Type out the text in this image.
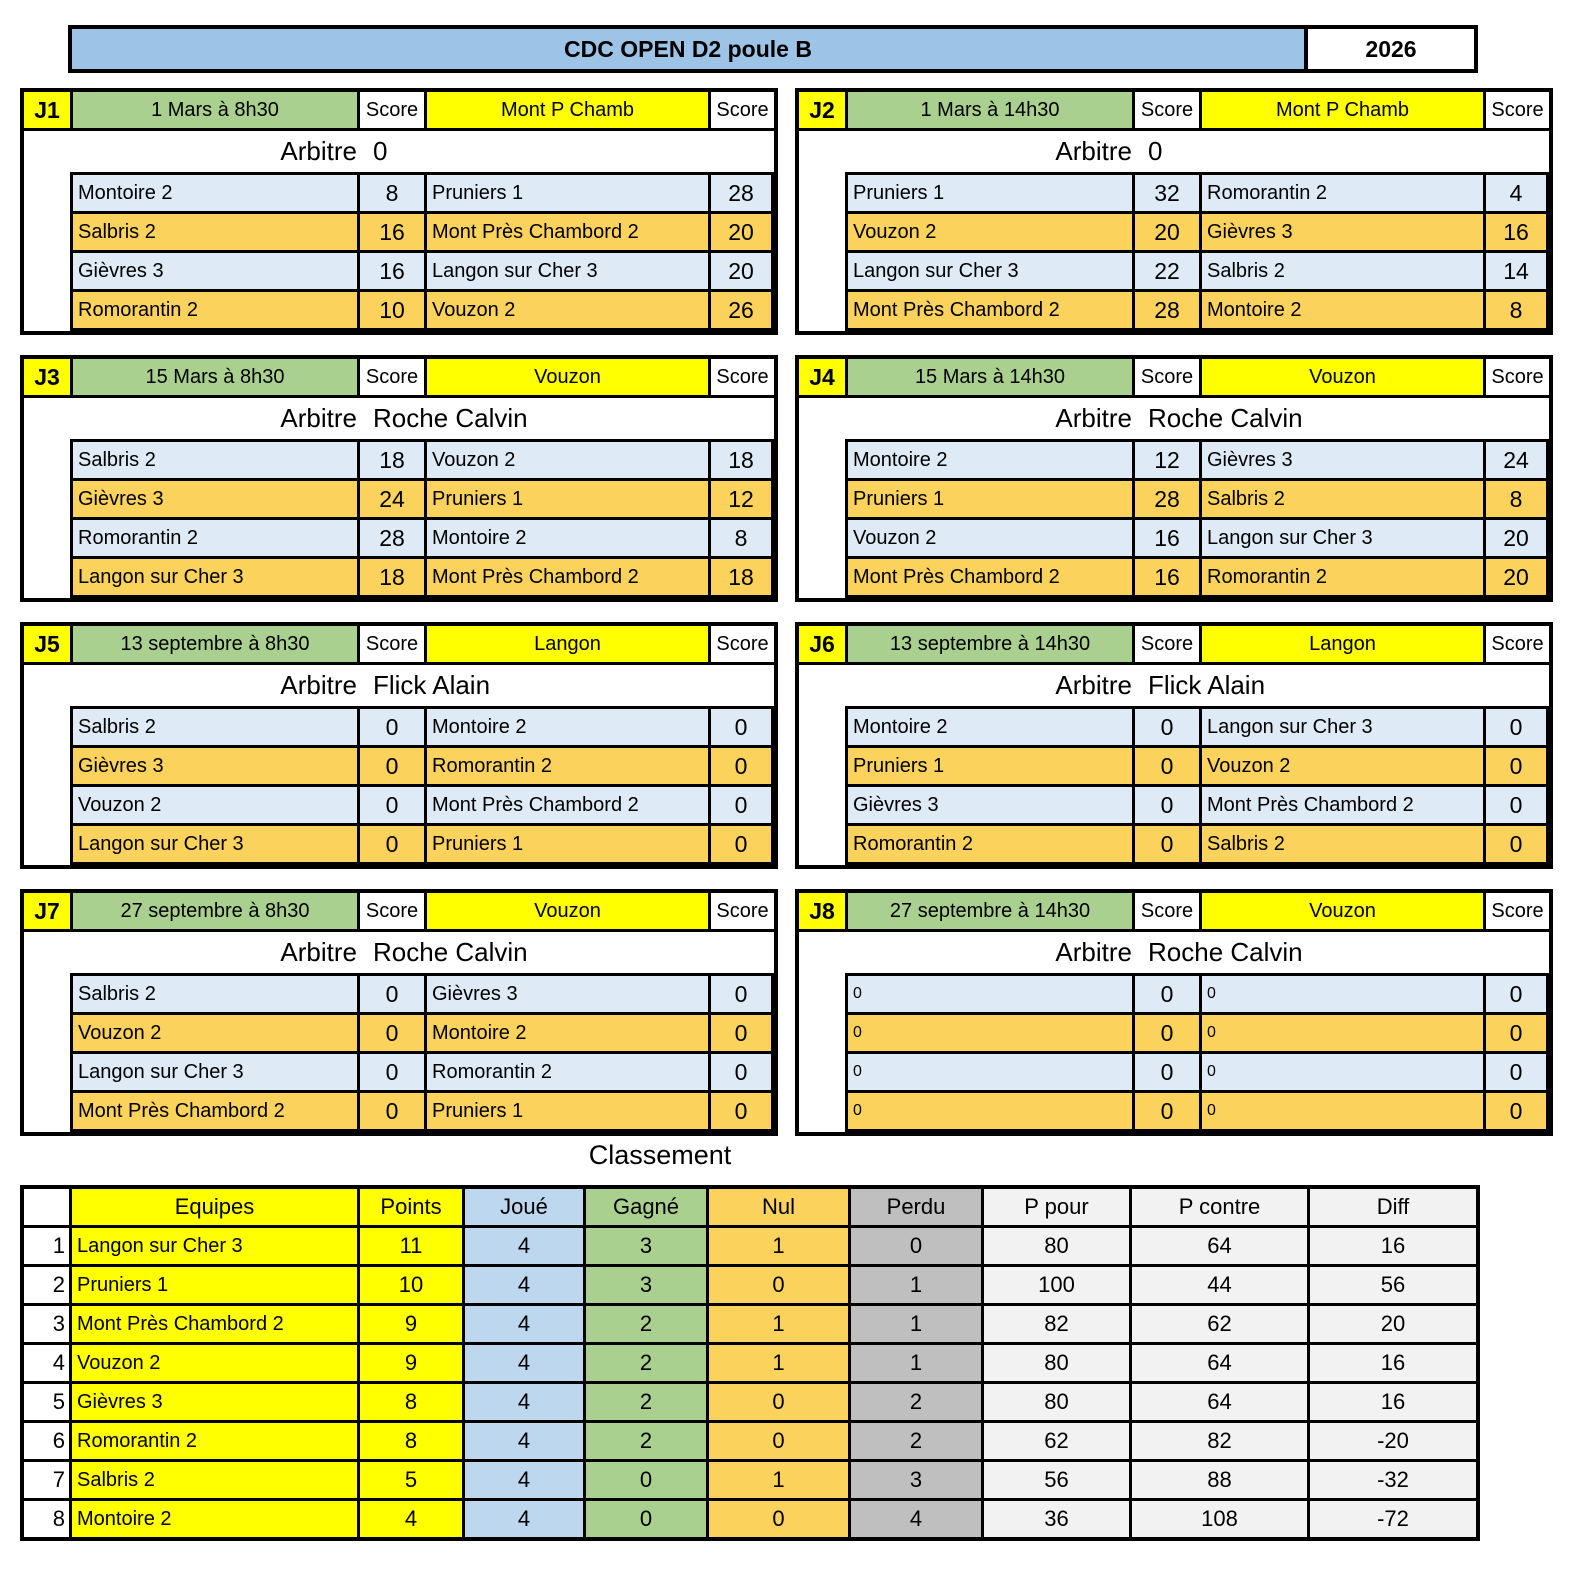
CDC OPEN D2 poule B	2026
J1	1 Mars à 8h30	Score	Mont P Chamb	Score
Arbitre 0
Montoire 2	8	Pruniers 1	28
Salbris 2	16	Mont Près Chambord 2	20
Gièvres 3	16	Langon sur Cher 3	20
Romorantin 2	10	Vouzon 2	26
J2	1 Mars à 14h30	Score	Mont P Chamb	Score
Arbitre 0
Pruniers 1	32	Romorantin 2	4
Vouzon 2	20	Gièvres 3	16
Langon sur Cher 3	22	Salbris 2	14
Mont Près Chambord 2	28	Montoire 2	8
J3	15 Mars à 8h30	Score	Vouzon	Score
Arbitre Roche Calvin
Salbris 2	18	Vouzon 2	18
Gièvres 3	24	Pruniers 1	12
Romorantin 2	28	Montoire 2	8
Langon sur Cher 3	18	Mont Près Chambord 2	18
J4	15 Mars à 14h30	Score	Vouzon	Score
Arbitre Roche Calvin
Montoire 2	12	Gièvres 3	24
Pruniers 1	28	Salbris 2	8
Vouzon 2	16	Langon sur Cher 3	20
Mont Près Chambord 2	16	Romorantin 2	20
J5	13 septembre à 8h30	Score	Langon	Score
Arbitre Flick Alain
Salbris 2	0	Montoire 2	0
Gièvres 3	0	Romorantin 2	0
Vouzon 2	0	Mont Près Chambord 2	0
Langon sur Cher 3	0	Pruniers 1	0
J6	13 septembre à 14h30	Score	Langon	Score
Arbitre Flick Alain
Montoire 2	0	Langon sur Cher 3	0
Pruniers 1	0	Vouzon 2	0
Gièvres 3	0	Mont Près Chambord 2	0
Romorantin 2	0	Salbris 2	0
J7	27 septembre à 8h30	Score	Vouzon	Score
Arbitre Roche Calvin
Salbris 2	0	Gièvres 3	0
Vouzon 2	0	Montoire 2	0
Langon sur Cher 3	0	Romorantin 2	0
Mont Près Chambord 2	0	Pruniers 1	0
J8	27 septembre à 14h30	Score	Vouzon	Score
Arbitre Roche Calvin
0	0	0	0
0	0	0	0
0	0	0	0
0	0	0	0
Classement
Equipes	Points	Joué	Gagné	Nul	Perdu	P pour	P contre	Diff
1 Langon sur Cher 3	11	4	3	1	0	80	64	16
2 Pruniers 1	10	4	3	0	1	100	44	56
3 Mont Près Chambord 2	9	4	2	1	1	82	62	20
4 Vouzon 2	9	4	2	1	1	80	64	16
5 Gièvres 3	8	4	2	0	2	80	64	16
6 Romorantin 2	8	4	2	0	2	62	82	-20
7 Salbris 2	5	4	0	1	3	56	88	-32
8 Montoire 2	4	4	0	0	4	36	108	-72
